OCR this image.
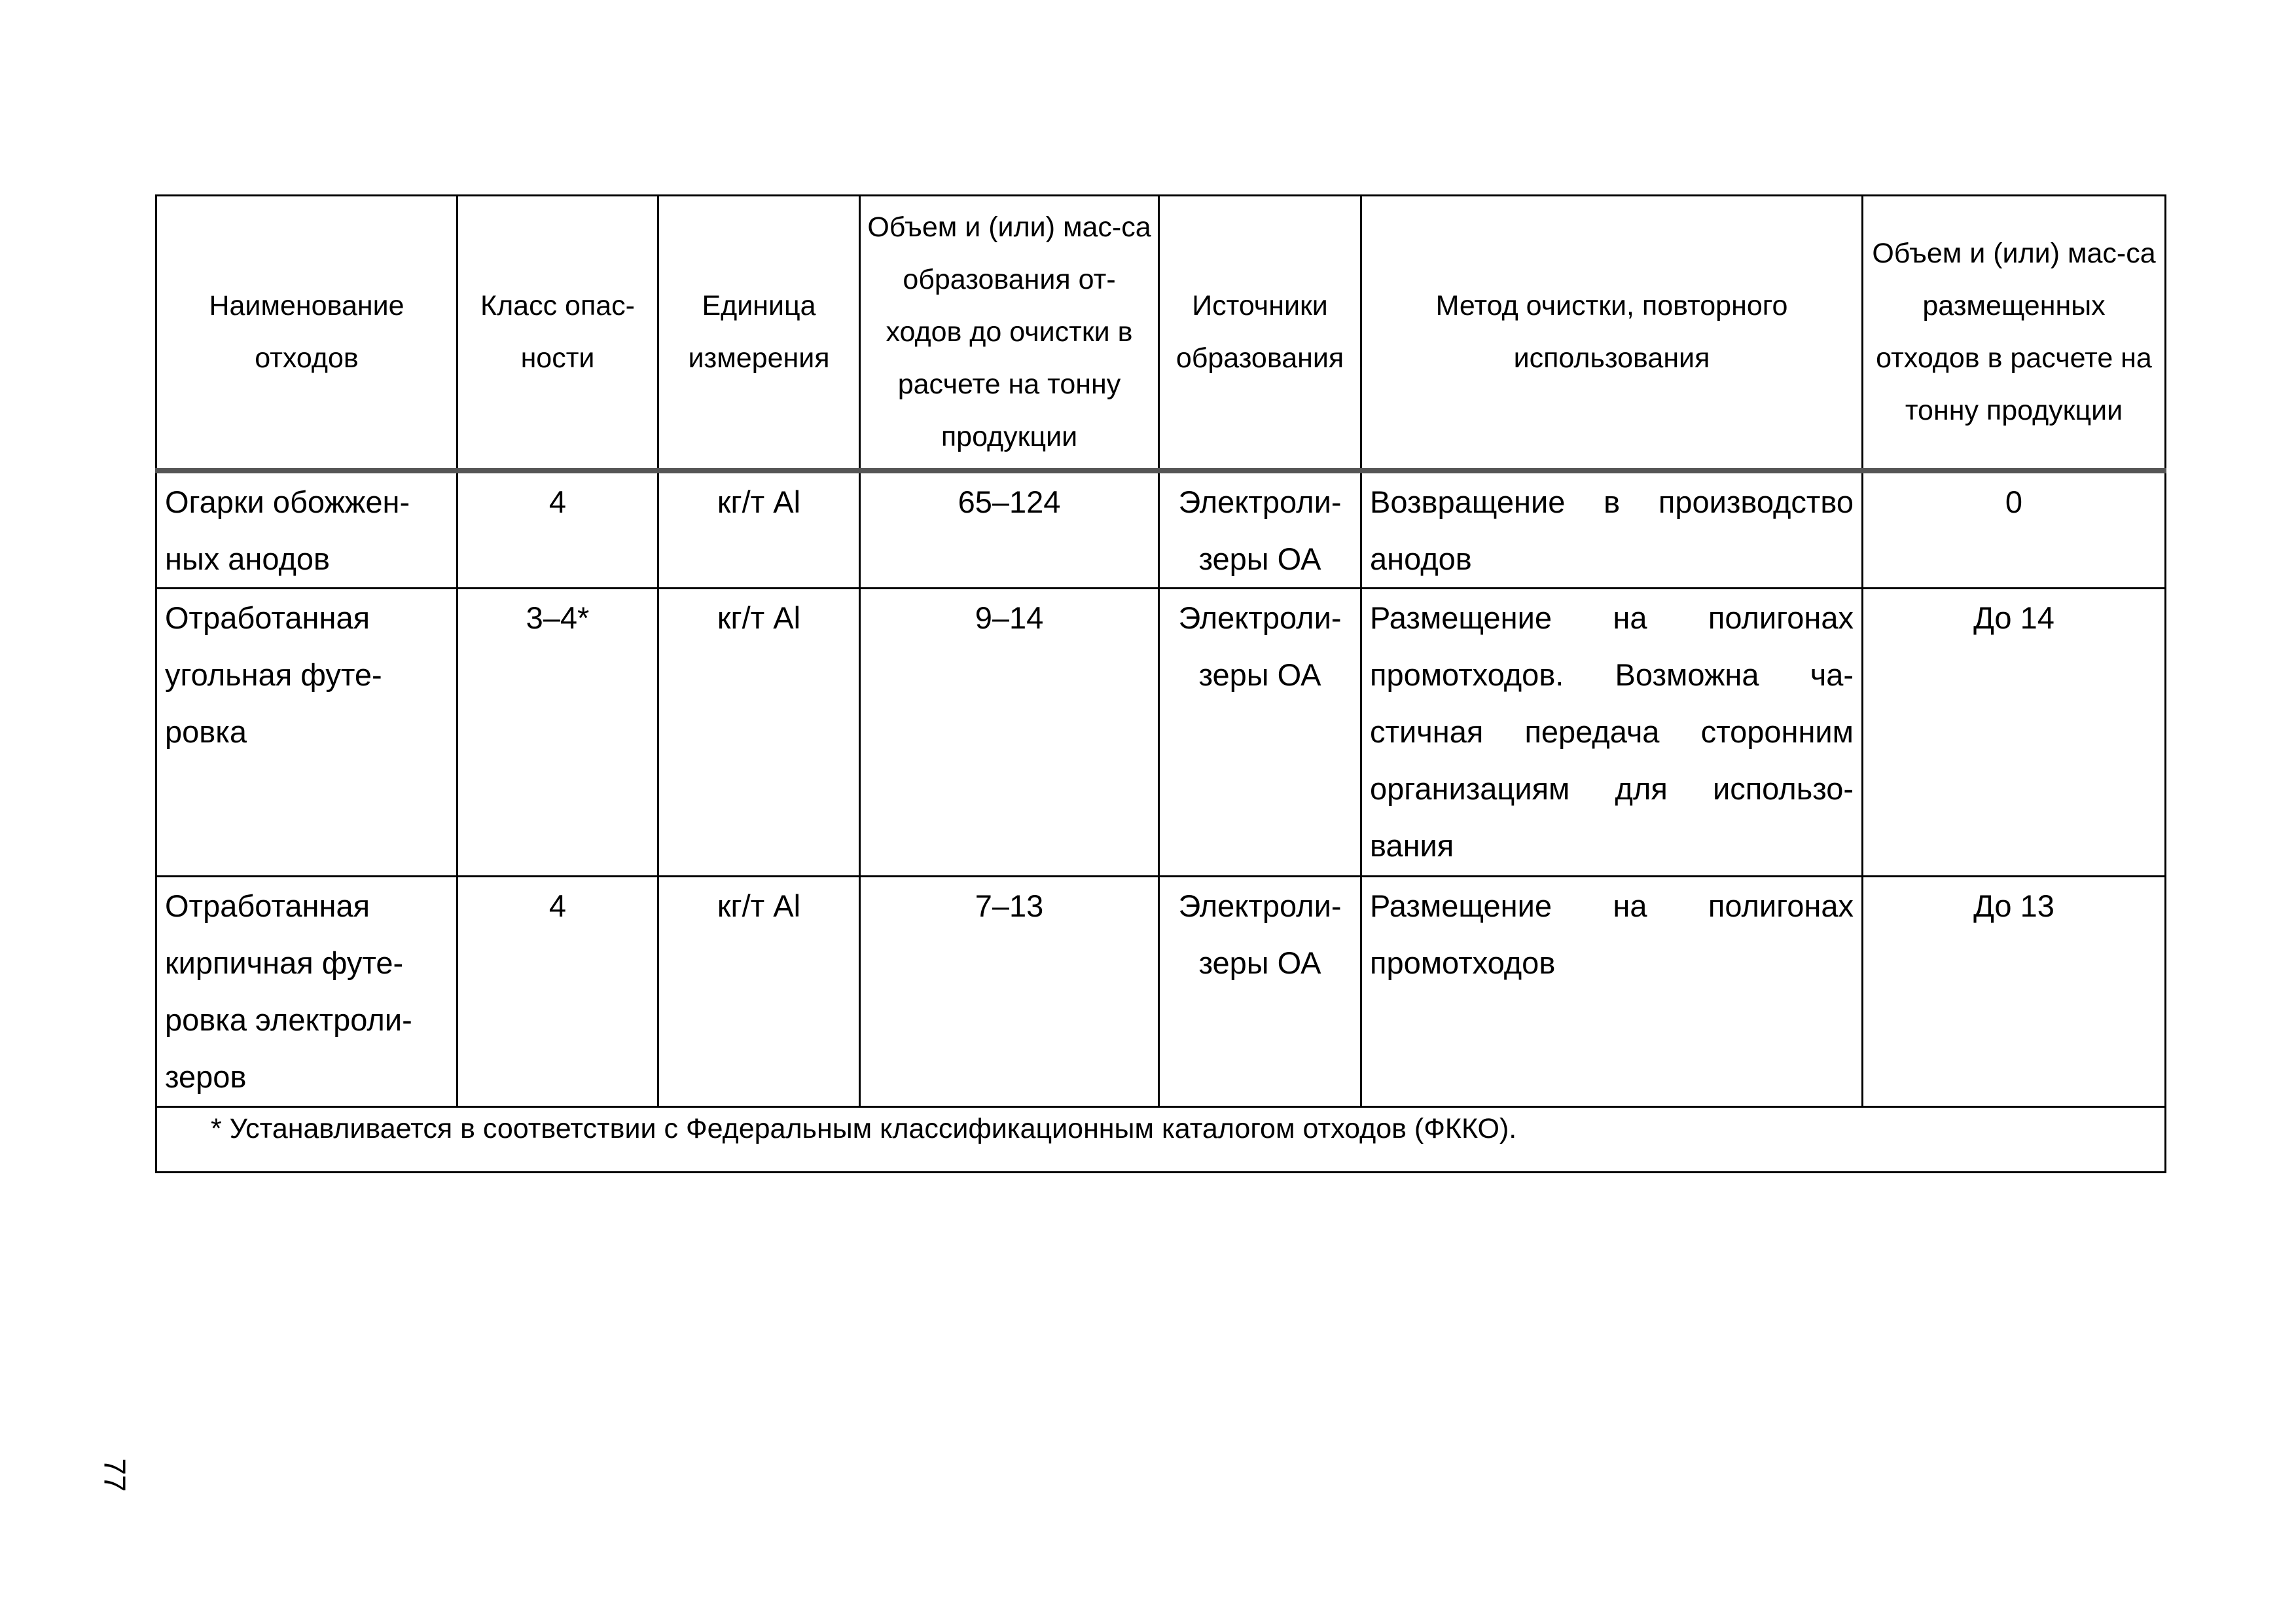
Наименование отходов	Класс опас-ности	Единица измерения	Объем и (или) мас-са образования от-ходов до очистки в расчете на тонну продукции	Источники образования	Метод очистки, повторного использования	Объем и (или) мас-са размещенных отходов в расчете на тонну продукции
Огарки обожжен-ных анодов	4	кг/т Al	65–124	Электроли-зеры ОА	Возвращение в производство анодов	0
Отработанная угольная футе-ровка	3–4*	кг/т Al	9–14	Электроли-зеры ОА	Размещение на полигонах промотходов. Возможна ча-стичная передача сторонним организациям для использо-вания	До 14
Отработанная кирпичная футе-ровка электроли-зеров	4	кг/т Al	7–13	Электроли-зеры ОА	Размещение на полигонах промотходов	До 13
* Устанавливается в соответствии с Федеральным классификационным каталогом отходов (ФККО).						
77
